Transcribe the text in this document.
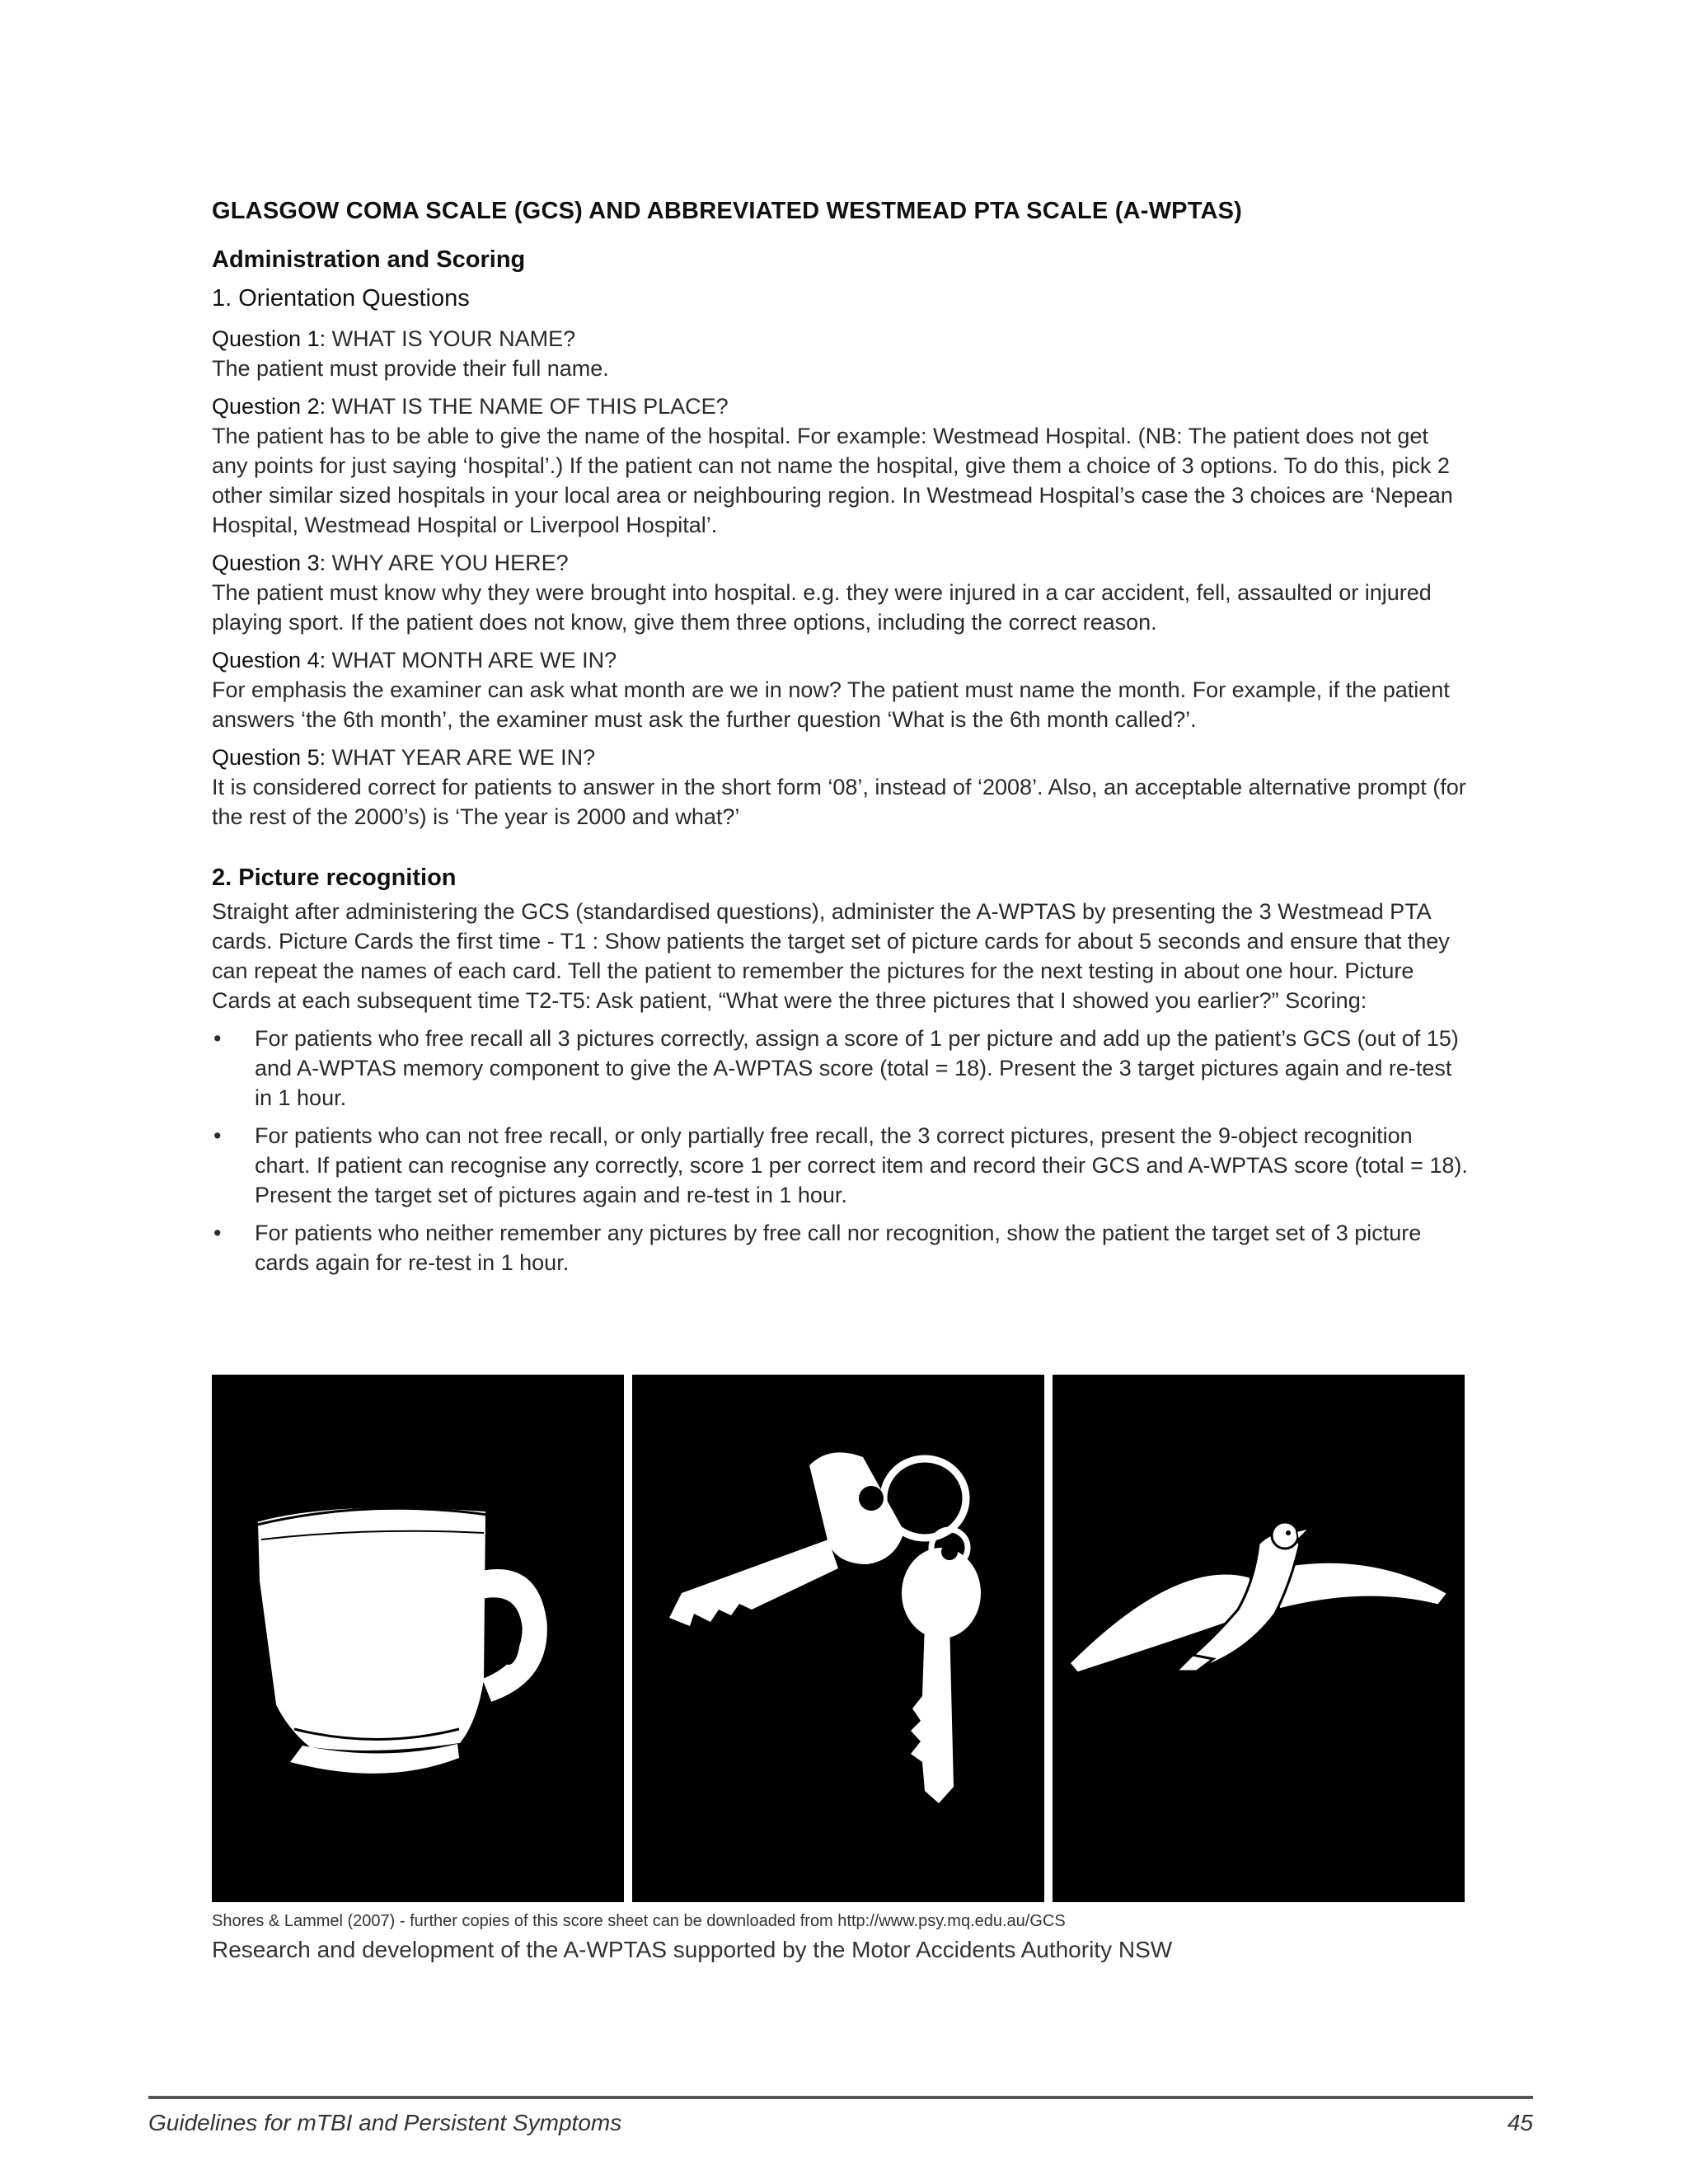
GLASGOW COMA SCALE (GCS) AND ABBREVIATED WESTMEAD PTA SCALE (A-WPTAS)
Administration and Scoring
1. Orientation Questions
Question 1: WHAT IS YOUR NAME?
The patient must provide their full name.
Question 2: WHAT IS THE NAME OF THIS PLACE?
The patient has to be able to give the name of the hospital. For example: Westmead Hospital. (NB: The patient does not get any points for just saying ‘hospital’.) If the patient can not name the hospital, give them a choice of 3 options. To do this, pick 2 other similar sized hospitals in your local area or neighbouring region. In Westmead Hospital’s case the 3 choices are ‘Nepean Hospital, Westmead Hospital or Liverpool Hospital’.
Question 3: WHY ARE YOU HERE?
The patient must know why they were brought into hospital. e.g. they were injured in a car accident, fell, assaulted or injured playing sport. If the patient does not know, give them three options, including the correct reason.
Question 4: WHAT MONTH ARE WE IN?
For emphasis the examiner can ask what month are we in now? The patient must name the month. For example, if the patient answers ‘the 6th month’, the examiner must ask the further question ‘What is the 6th month called?’.
Question 5: WHAT YEAR ARE WE IN?
It is considered correct for patients to answer in the short form ‘08’, instead of ‘2008’. Also, an acceptable alternative prompt (for the rest of the 2000’s) is ‘The year is 2000 and what?’
2. Picture recognition
Straight after administering the GCS (standardised questions), administer the A-WPTAS by presenting the 3 Westmead PTA cards. Picture Cards the first time - T1 : Show patients the target set of picture cards for about 5 seconds and ensure that they can repeat the names of each card. Tell the patient to remember the pictures for the next testing in about one hour. Picture Cards at each subsequent time T2-T5: Ask patient, “What were the three pictures that I showed you earlier?” Scoring:
• For patients who free recall all 3 pictures correctly, assign a score of 1 per picture and add up the patient’s GCS (out of 15) and A-WPTAS memory component to give the A-WPTAS score (total = 18). Present the 3 target pictures again and re-test in 1 hour.
• For patients who can not free recall, or only partially free recall, the 3 correct pictures, present the 9-object recognition chart. If patient can recognise any correctly, score 1 per correct item and record their GCS and A-WPTAS score (total = 18). Present the target set of pictures again and re-test in 1 hour.
• For patients who neither remember any pictures by free call nor recognition, show the patient the target set of 3 picture cards again for re-test in 1 hour.
Shores & Lammel (2007) - further copies of this score sheet can be downloaded from http://www.psy.mq.edu.au/GCS
Research and development of the A-WPTAS supported by the Motor Accidents Authority NSW
Guidelines for mTBI and Persistent Symptoms	45
